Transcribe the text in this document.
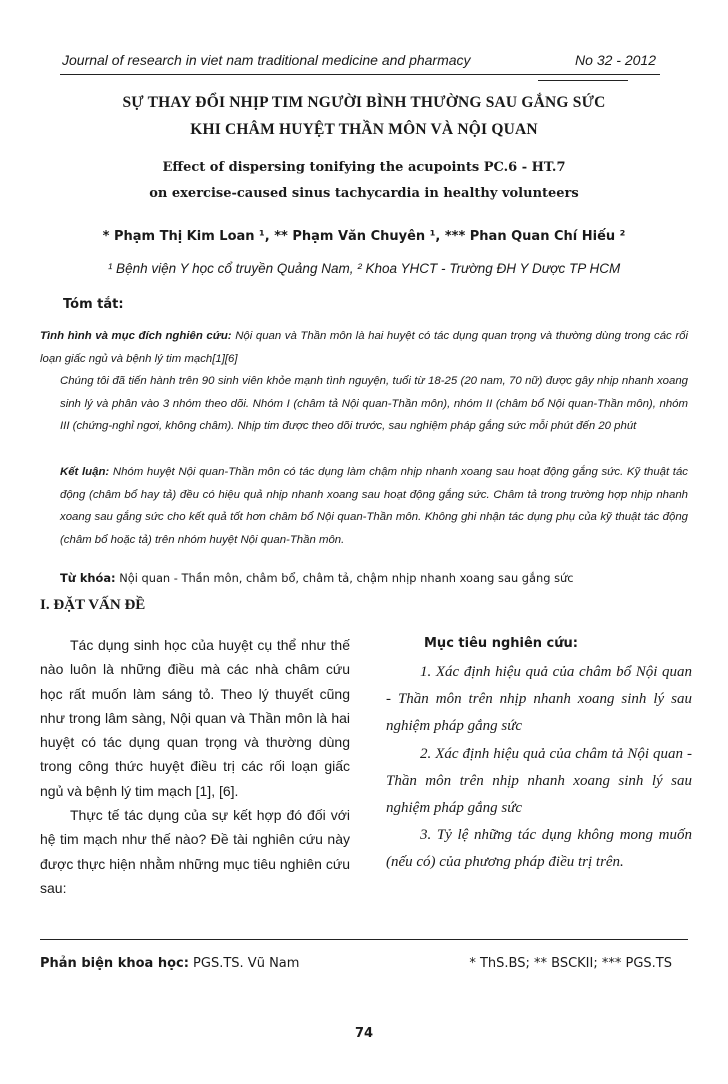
Journal of research in viet nam traditional medicine and pharmacy	No 32 - 2012
SỰ THAY ĐỔI NHỊP TIM NGƯỜI BÌNH THƯỜNG SAU GẮNG SỨC
KHI CHÂM HUYỆT THẦN MÔN VÀ NỘI QUAN
Effect of dispersing tonifying the acupoints PC.6 - HT.7
on exercise-caused sinus tachycardia in healthy volunteers
* Phạm Thị Kim Loan ¹, ** Phạm Văn Chuyên ¹, *** Phan Quan Chí Hiếu ²
¹ Bệnh viện Y học cổ truyền Quảng Nam, ² Khoa YHCT - Trường ĐH Y Dược TP HCM
Tóm tắt:
Tình hình và mục đích nghiên cứu: Nội quan và Thần môn là hai huyệt có tác dụng quan trọng và thường dùng trong các rối loạn giấc ngủ và bệnh lý tim mạch[1][6]
Chúng tôi đã tiến hành trên 90 sinh viên khỏe mạnh tình nguyện, tuổi từ 18-25 (20 nam, 70 nữ) được gây nhịp nhanh xoang sinh lý và phân vào 3 nhóm theo dõi. Nhóm I (châm tả Nội quan-Thần môn), nhóm II (châm bổ Nội quan-Thần môn), nhóm III (chứng-nghỉ ngơi, không châm). Nhịp tim được theo dõi trước, sau nghiệm pháp gắng sức mỗi phút đến 20 phút
Kết luận: Nhóm huyệt Nội quan-Thần môn có tác dụng làm chậm nhịp nhanh xoang sau hoạt động gắng sức. Kỹ thuật tác động (châm bổ hay tả) đều có hiệu quả nhịp nhanh xoang sau hoạt động gắng sức. Châm tả trong trường hợp nhịp nhanh xoang sau gắng sức cho kết quả tốt hơn châm bổ Nội quan-Thần môn. Không ghi nhận tác dụng phụ của kỹ thuật tác động (châm bổ hoặc tả) trên nhóm huyệt Nội quan-Thần môn.
Từ khóa: Nội quan - Thần môn, châm bổ, châm tả, chậm nhịp nhanh xoang sau gắng sức
I. ĐẶT VẤN ĐỀ

Tác dụng sinh học của huyệt cụ thể như thế nào luôn là những điều mà các nhà châm cứu học rất muốn làm sáng tỏ. Theo lý thuyết cũng như trong lâm sàng, Nội quan và Thần môn là hai huyệt có tác dụng quan trọng và thường dùng trong công thức huyệt điều trị các rối loạn giấc ngủ và bệnh lý tim mạch [1], [6].

Thực tế tác dụng của sự kết hợp đó đối với hệ tim mạch như thế nào? Đề tài nghiên cứu này được thực hiện nhằm những mục tiêu nghiên cứu sau:

Mục tiêu nghiên cứu:

1. Xác định hiệu quả của châm bổ Nội quan - Thần môn trên nhịp nhanh xoang sinh lý sau nghiệm pháp gắng sức
2. Xác định hiệu quả của châm tả Nội quan - Thần môn trên nhịp nhanh xoang sinh lý sau nghiệm pháp gắng sức
3. Tỷ lệ những tác dụng không mong muốn (nếu có) của phương pháp điều trị trên.
Phản biện khoa học: PGS.TS. Vũ Nam	* ThS.BS; ** BSCKII; *** PGS.TS
74
